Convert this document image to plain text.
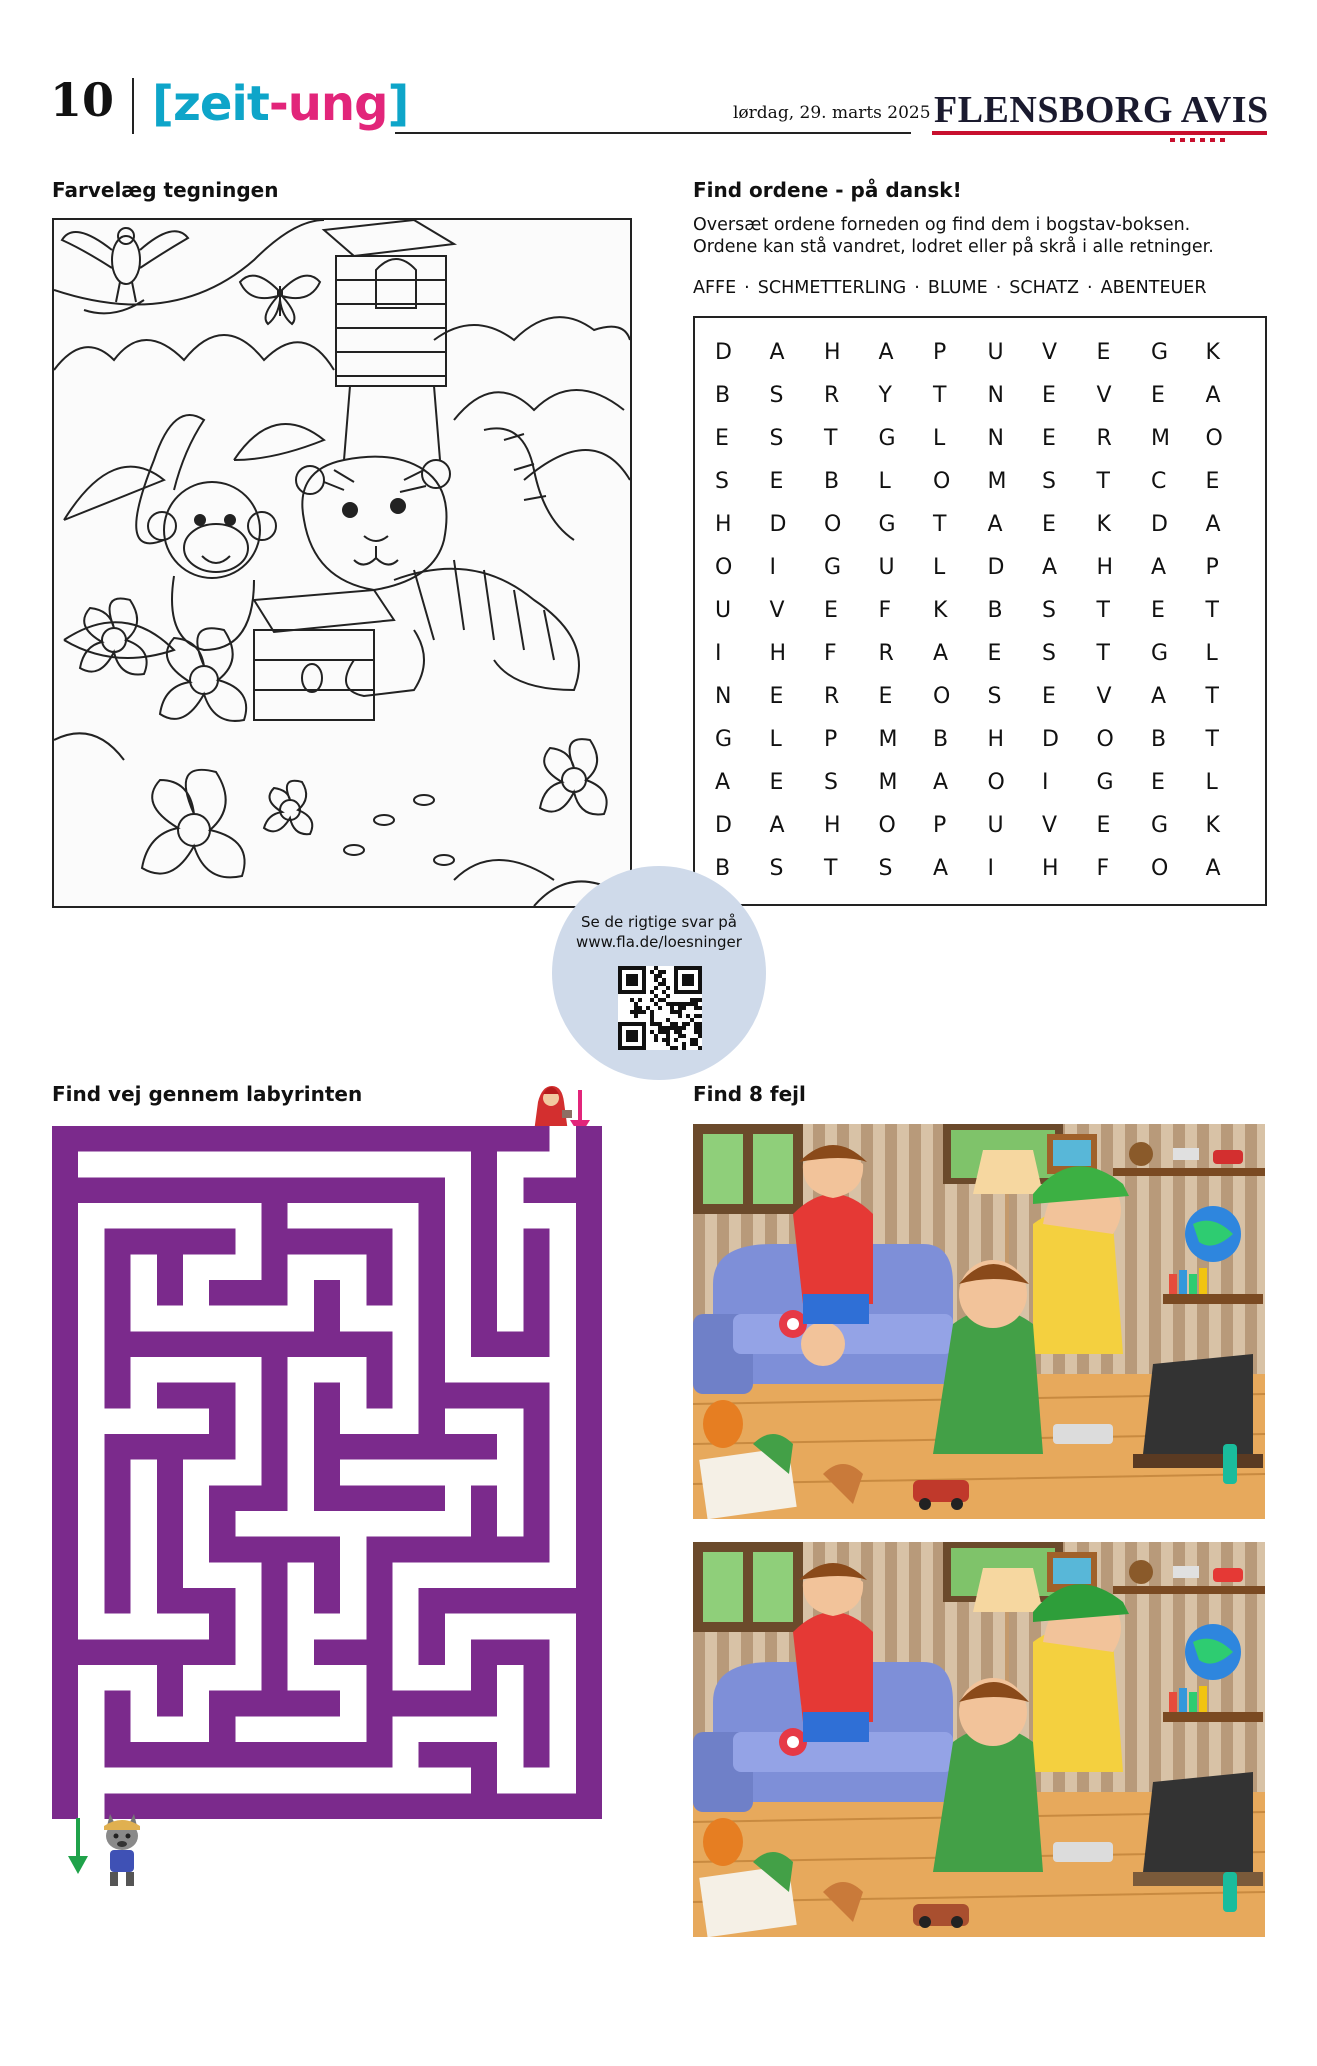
10 [zeit-ung]	lørdag, 29. marts 2025 FLENSBORG AVIS
Farvelæg tegningen	Find ordene - på dansk!
Oversæt ordene forneden og find dem i bogstav-boksen.
Ordene kan stå vandret, lodret eller på skrå i alle retninger.
AFFE · SCHMETTERLING · BLUME · SCHATZ · ABENTEUER
D	A	H	A	P	U	V	E	G	K
B	S	R	Y	T	N	E	V	E	A
E	S	T	G	L	N	E	R	M	O
S	E	B	L	O	M	S	T	C	E
H	D	O	G	T	A	E	K	D	A
O	I	G	U	L	D	A	H	A	P
U	V	E	F	K	B	S	T	E	T
I	H	F	R	A	E	S	T	G	L
N	E	R	E	O	S	E	V	A	T
G	L	P	M	B	H	D	O	B	T
A	E	S	M	A	O	I	G	E	L
D	A	H	O	P	U	V	E	G	K
B	S	T	S	A	I	H	F	O	A
Se de rigtige svar på
www.fla.de/loesninger
Find vej gennem labyrinten	Find 8 fejl
